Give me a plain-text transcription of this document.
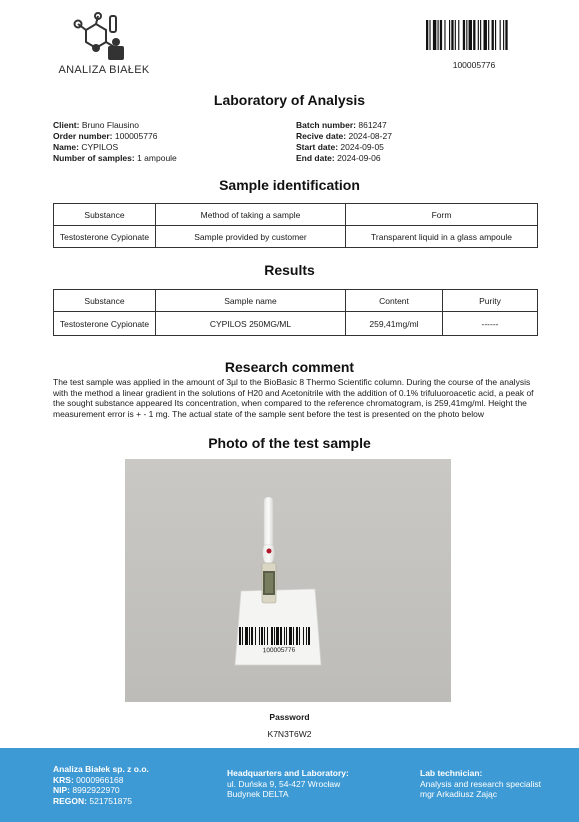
ANALIZA BIAŁEK	100005776
Laboratory of Analysis
Client: Bruno Flausino
Order number: 100005776
Name: CYPILOS
Number of samples: 1 ampoule
Batch number: 861247
Recive date: 2024-08-27
Start date: 2024-09-05
End date: 2024-09-06
Sample identification
Substance	Method of taking a sample	Form
Testosterone Cypionate	Sample provided by customer	Transparent liquid in a glass ampoule
Results
Substance	Sample name	Content	Purity
Testosterone Cypionate	CYPILOS 250MG/ML	259,41mg/ml	------
Research comment
The test sample was applied in the amount of 3µl to the BioBasic 8 Thermo Scientific column. During the course of the analysis with the method a linear gradient in the solutions of H20 and Acetonitrile with the addition of 0.1% trifuluoroacetic acid, a peak of the sought substance appeared Its concentration, when compared to the reference chromatogram, is 259,41mg/ml. Height the measurement error is + - 1 mg. The actual state of the sample sent before the test is presented on the photo below
Photo of the test sample
100005776
Password
K7N3T6W2
Analiza Białek sp. z o.o.
KRS: 0000966168
NIP: 8992922970
REGON: 521751875
Headquarters and Laboratory:
ul. Duńska 9, 54-427 Wrocław
Budynek DELTA
Lab technician:
Analysis and research specialist
mgr Arkadiusz Zając
